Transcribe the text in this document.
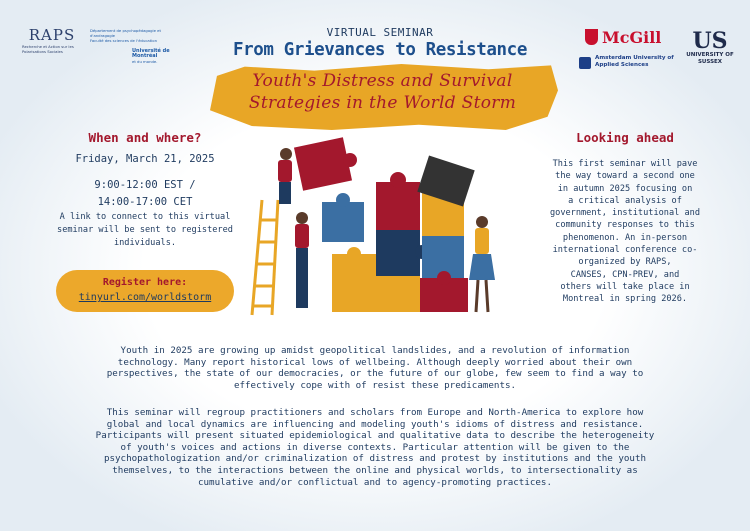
RAPS
Recherche et Action sur les Polarisations Sociales
Département de psychopédagogie et d'andragogie
Faculté des sciences de l'éducation
Université de Montréal
et du monde.
McGill
Amsterdam University of Applied Sciences
US
UNIVERSITY OF SUSSEX
VIRTUAL SEMINAR
From Grievances to Resistance
Youth's Distress and Survival
Strategies in the World Storm
When and where?
Friday, March 21, 2025
9:00-12:00 EST /
14:00-17:00 CET
A link to connect to this virtual
seminar will be sent to registered
individuals.
Register here:
tinyurl.com/worldstorm
Looking ahead
This first seminar will pave
the way toward a second one
in autumn 2025 focusing on
a critical analysis of
government, institutional and
community responses to this
phenomenon. An in-person
international conference co-
organized by RAPS,
CANSES, CPN-PREV, and
others will take place in
Montreal in spring 2026.
Youth in 2025 are growing up amidst geopolitical landslides, and a revolution of information
technology. Many report historical lows of wellbeing. Although deeply worried about their own
perspectives, the state of our democracies, or the future of our globe, few seem to find a way to
effectively cope with of resist these predicaments.
This seminar will regroup practitioners and scholars from Europe and North-America to explore how
global and local dynamics are influencing and modeling youth's idioms of distress and resistance.
Participants will present situated epidemiological and qualitative data to describe the heterogeneity
of youth's voices and actions in diverse contexts. Particular attention will be given to the
psychopathologization and/or criminalization of distress and protest by institutions and the youth
themselves, to the interactions between the online and physical worlds, to intersectionality as
cumulative and/or conflictual and to agency-promoting practices.
